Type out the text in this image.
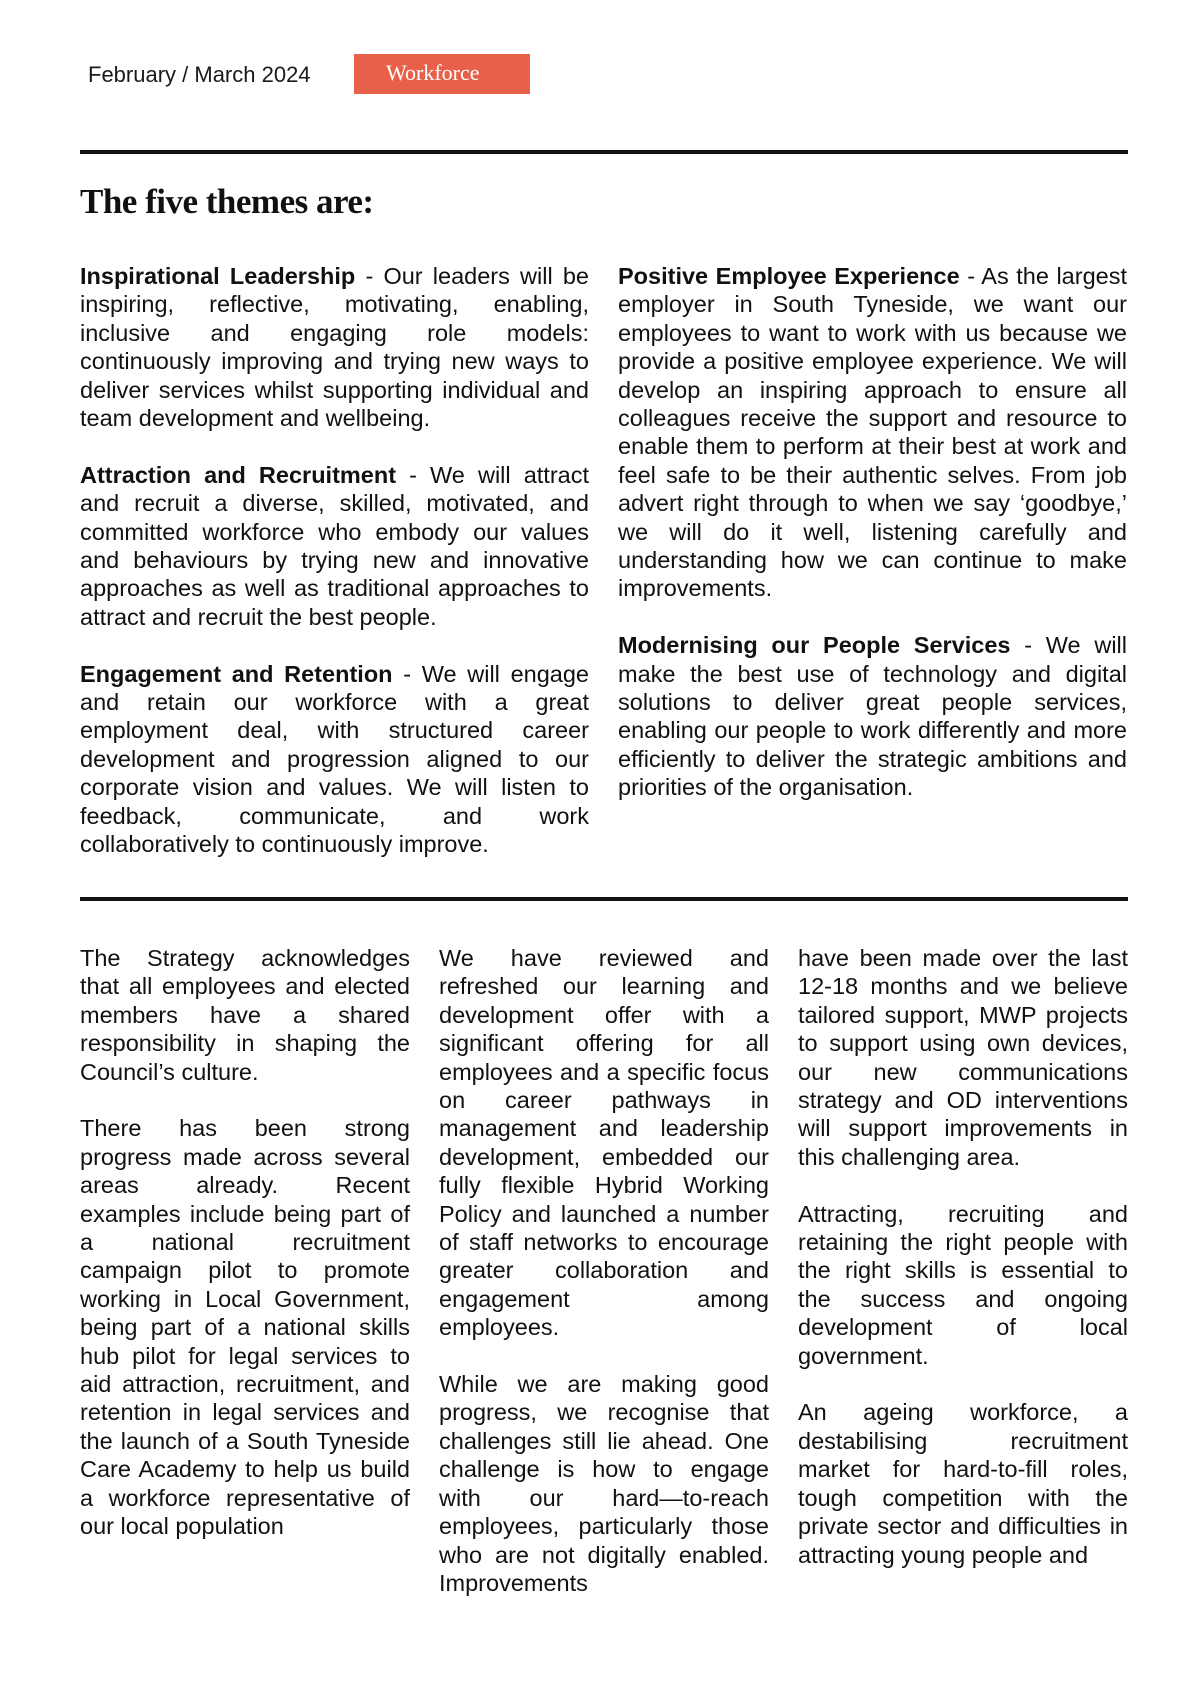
February / March 2024	Workforce
The five themes are:

Inspirational Leadership - Our leaders will be inspiring, reflective, motivating, enabling, inclusive and engaging role models: continuously improving and trying new ways to deliver services whilst supporting individual and team development and wellbeing.

Attraction and Recruitment - We will attract and recruit a diverse, skilled, motivated, and committed workforce who embody our values and behaviours by trying new and innovative approaches as well as traditional approaches to attract and recruit the best people.

Engagement and Retention - We will engage and retain our workforce with a great employment deal, with structured career development and progression aligned to our corporate vision and values. We will listen to feedback, communicate, and work collaboratively to continuously improve.

Positive Employee Experience - As the largest employer in South Tyneside, we want our employees to want to work with us because we provide a positive employee experience. We will develop an inspiring approach to ensure all colleagues receive the support and resource to enable them to perform at their best at work and feel safe to be their authentic selves. From job advert right through to when we say ‘goodbye,’ we will do it well, listening carefully and understanding how we can continue to make improvements.

Modernising our People Services - We will make the best use of technology and digital solutions to deliver great people services, enabling our people to work differently and more efficiently to deliver the strategic ambitions and priorities of the organisation.

The Strategy acknowledges that all employees and elected members have a shared responsibility in shaping the Council’s culture.

There has been strong progress made across several areas already. Recent examples include being part of a national recruitment campaign pilot to promote working in Local Government, being part of a national skills hub pilot for legal services to aid attraction, recruitment, and retention in legal services and the launch of a South Tyneside Care Academy to help us build a workforce representative of our local population

We have reviewed and refreshed our learning and development offer with a significant offering for all employees and a specific focus on career pathways in management and leadership development, embedded our fully flexible Hybrid Working Policy and launched a number of staff networks to encourage greater collaboration and engagement among employees.

While we are making good progress, we recognise that challenges still lie ahead. One challenge is how to engage with our hard—to-reach employees, particularly those who are not digitally enabled. Improvements

have been made over the last 12-18 months and we believe tailored support, MWP projects to support using own devices, our new communications strategy and OD interventions will support improvements in this challenging area.

Attracting, recruiting and retaining the right people with the right skills is essential to the success and ongoing development of local government.

An ageing workforce, a destabilising recruitment market for hard-to-fill roles, tough competition with the private sector and difficulties in attracting young people and
